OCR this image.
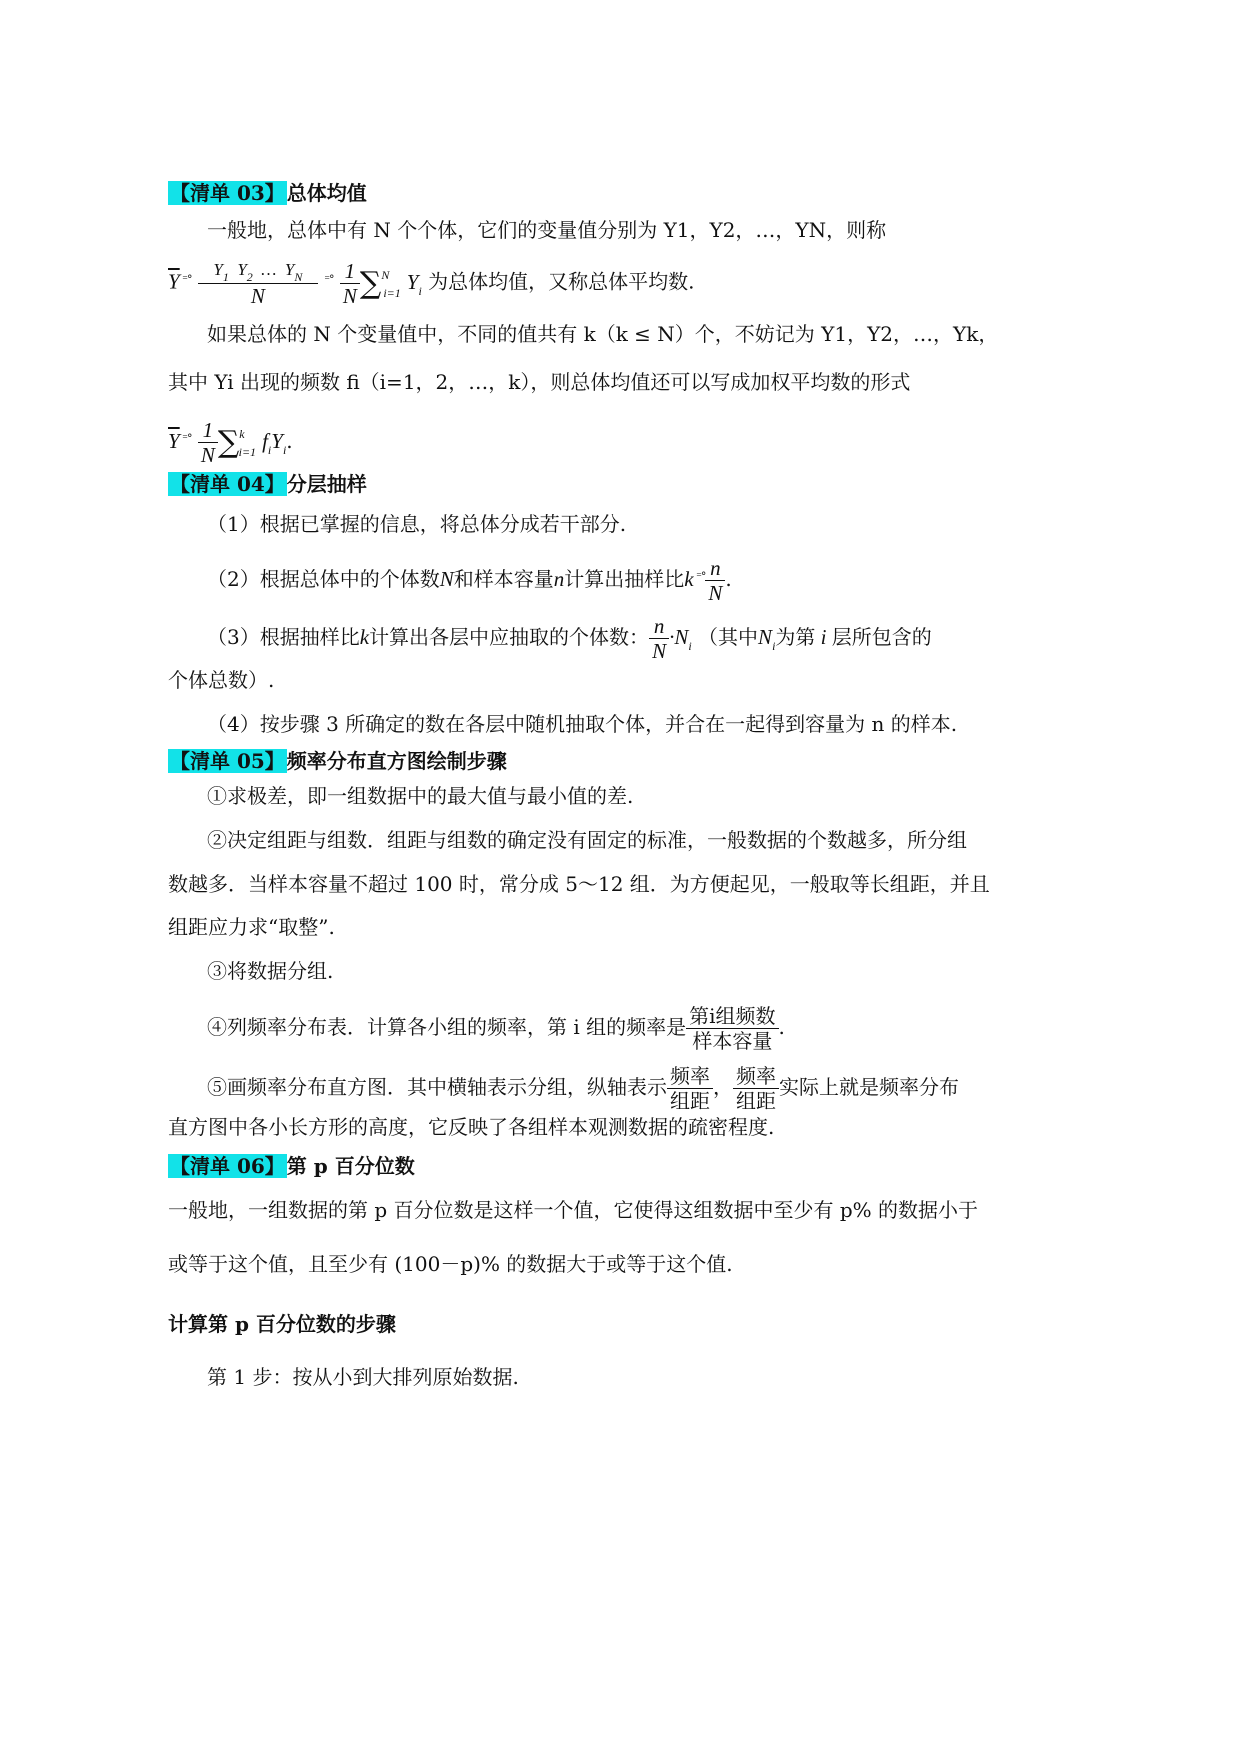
【清单 03】 总体均值
一般地，总体中有 N 个个体，它们的变量值分别为 Y1，Y2，…，YN，则称
$\overline{Y}$ $^{^=^\circ} \frac{Y_1 Y_2 \dots Y_N}{N} ^{^=^\circ} \frac{1}{N} \sum^N_{i=1}$ $Y_i$ 为总体均值，又称总体平均数.
如果总体的 N 个变量值中，不同的值共有 k（k ≤ N）个，不妨记为 Y1，Y2，…，Yk，
其中 Yi 出现的频数 fi（i=1，2，…，k），则总体均值还可以写成加权平均数的形式
$\overline{Y}$ $^{^=^\circ} \frac{1}{N} \sum^k_{i=1}$ $f_iY_i$.
【清单 04】 分层抽样
（1）根据已掌握的信息，将总体分成若干部分.
（2）根据总体中的个体数N和样本容量n计算出抽样比k $^{^=^\circ} \frac{n}{N}$ .
（3）根据抽样比k计算出各层中应抽取的个体数： $\frac{n}{N} \cdot N_i$ （其中$N_i$为第 i 层所包含的
个体总数）.
（4）按步骤 3 所确定的数在各层中随机抽取个体，并合在一起得到容量为 n 的样本.
【清单 05】 频率分布直方图绘制步骤
①求极差，即一组数据中的最大值与最小值的差.
②决定组距与组数．组距与组数的确定没有固定的标准，一般数据的个数越多，所分组
数越多．当样本容量不超过 100 时，常分成 5～12 组．为方便起见，一般取等长组距，并且
组距应力求“取整”.
③将数据分组.
④列频率分布表．计算各小组的频率，第 i 组的频率是 $\frac{\text{第i组频数}}{\text{样本容量}}$ .
⑤画频率分布直方图．其中横轴表示分组，纵轴表示 $\frac{\text{频率}}{\text{组距}}$ ， $\frac{\text{频率}}{\text{组距}}$ 实际上就是频率分布
直方图中各小长方形的高度，它反映了各组样本观测数据的疏密程度.
【清单 06】 第 p 百分位数
一般地，一组数据的第 p 百分位数是这样一个值，它使得这组数据中至少有 p% 的数据小于
或等于这个值，且至少有 (100－p)% 的数据大于或等于这个值.
计算第 p 百分位数的步骤
第 1 步：按从小到大排列原始数据.
